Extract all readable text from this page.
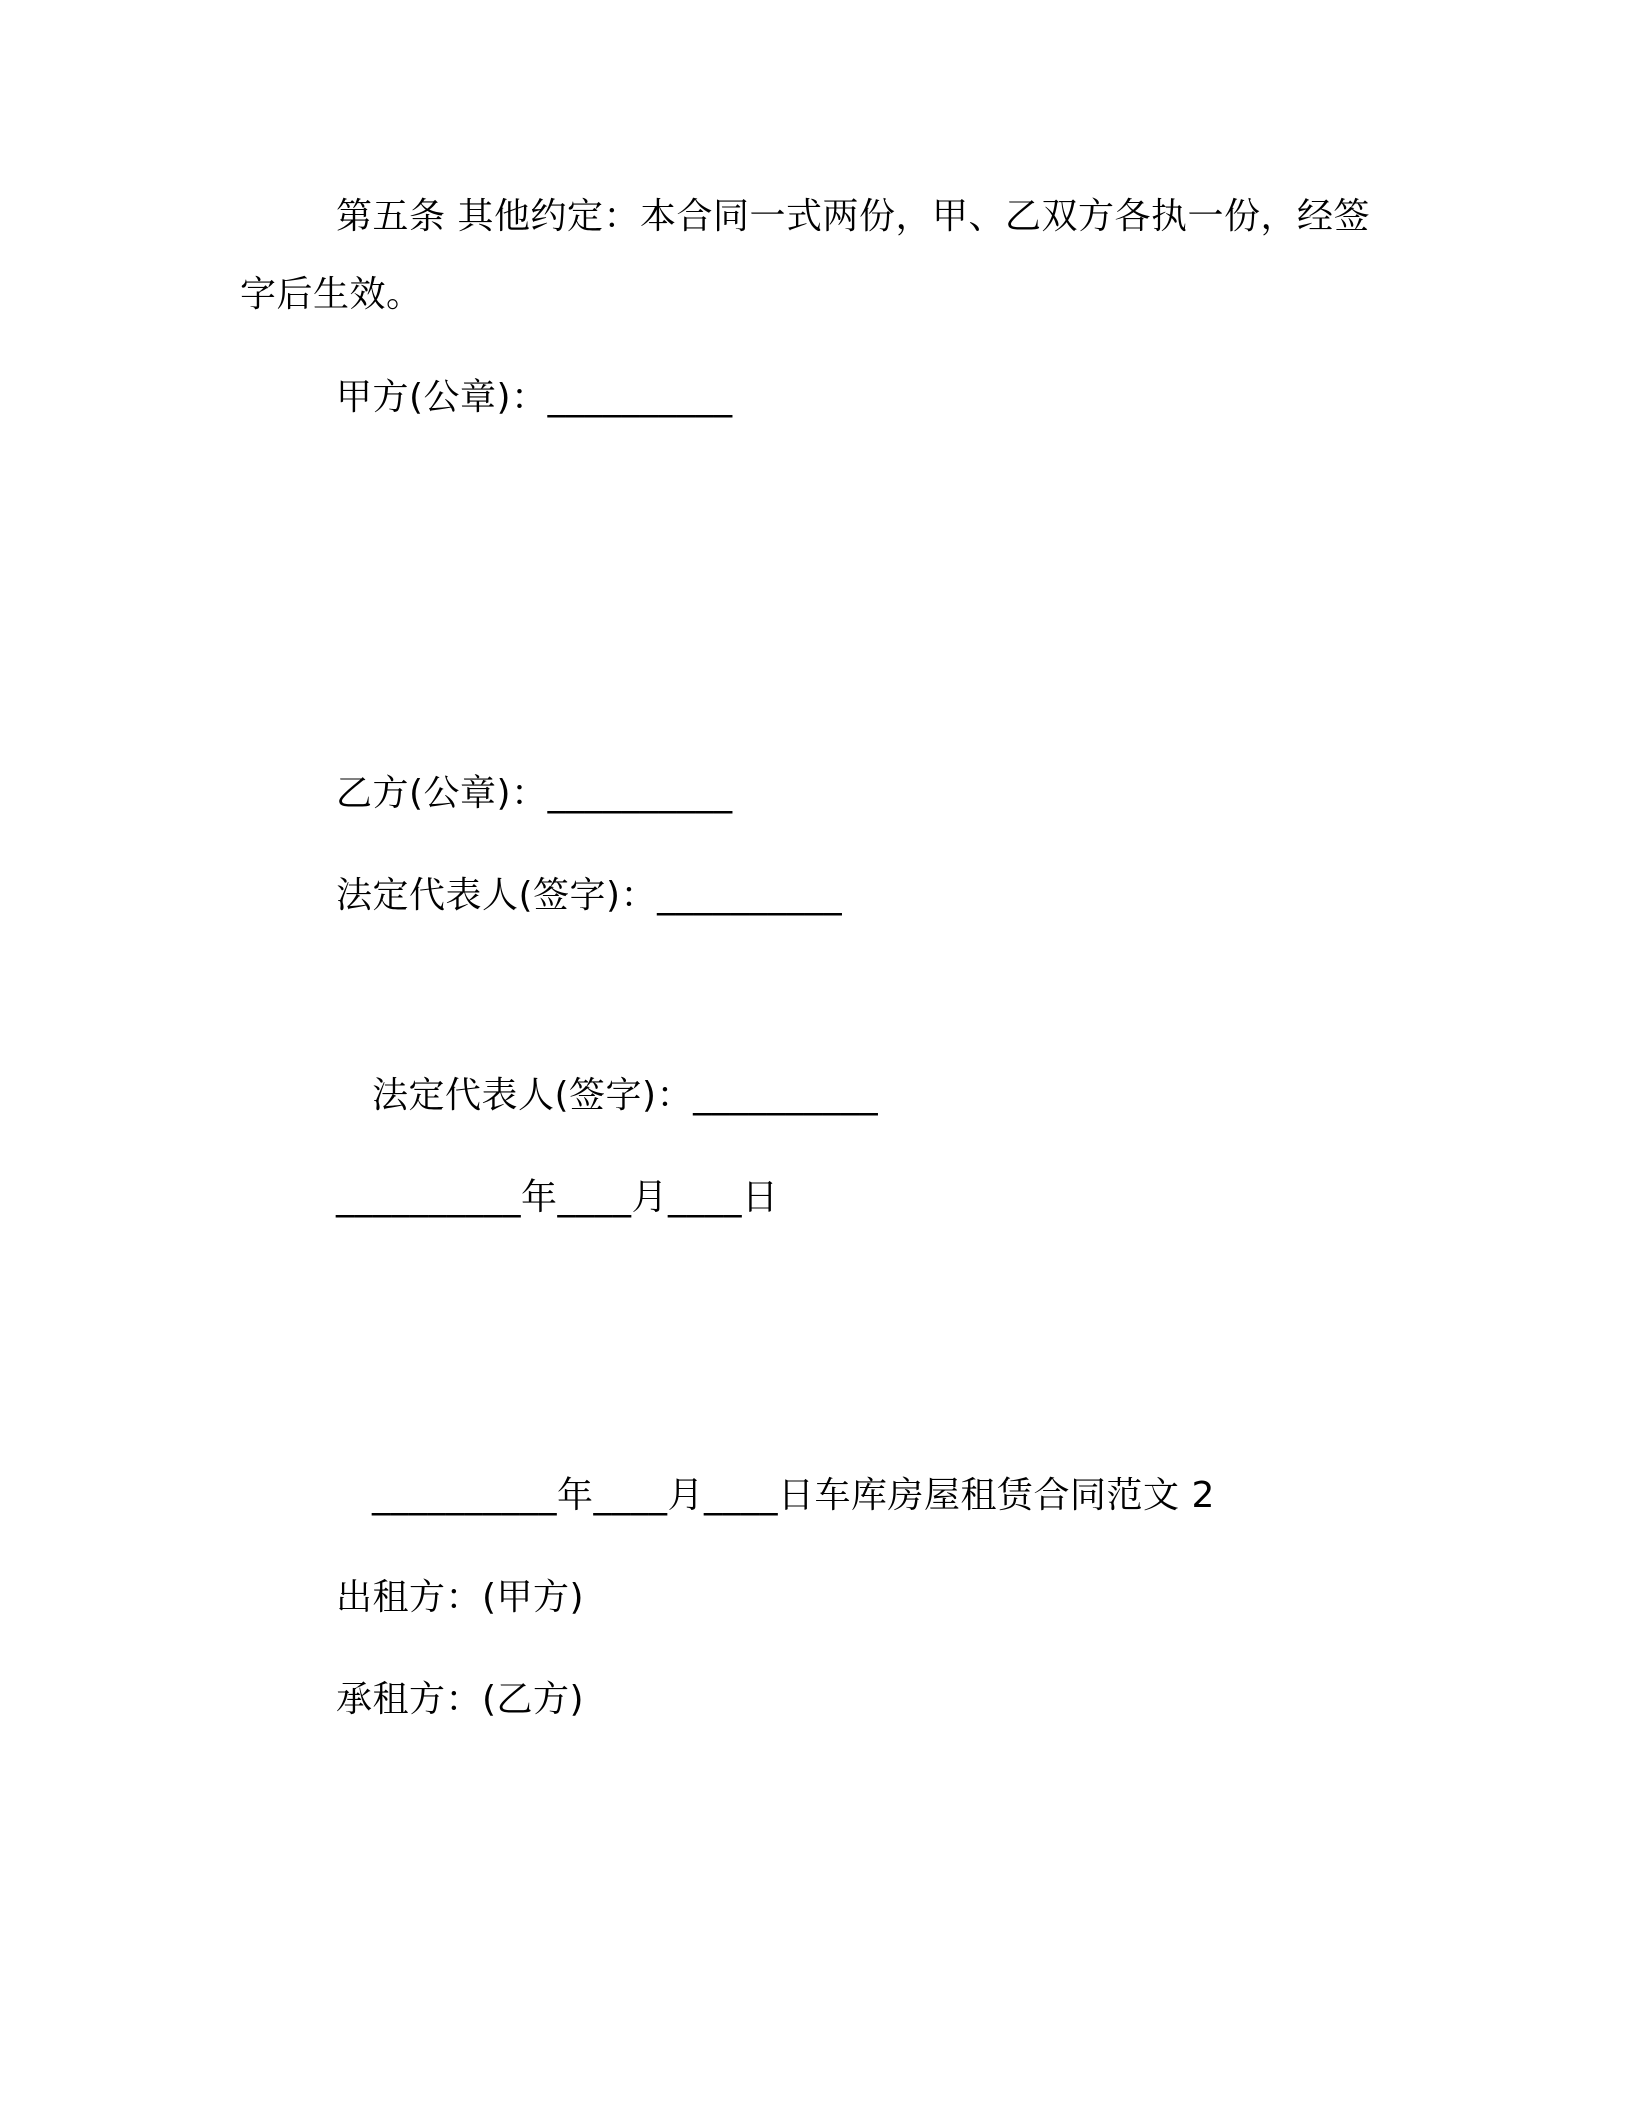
第五条 其他约定：本合同一式两份，甲、乙双方各执一份，经签字后生效。
甲方(公章)：__________
乙方(公章)：__________
法定代表人(签字)：__________
法定代表人(签字)：__________
__________年____月____日
__________年____月____日车库房屋租赁合同范文 2
出租方：(甲方)
承租方：(乙方)
